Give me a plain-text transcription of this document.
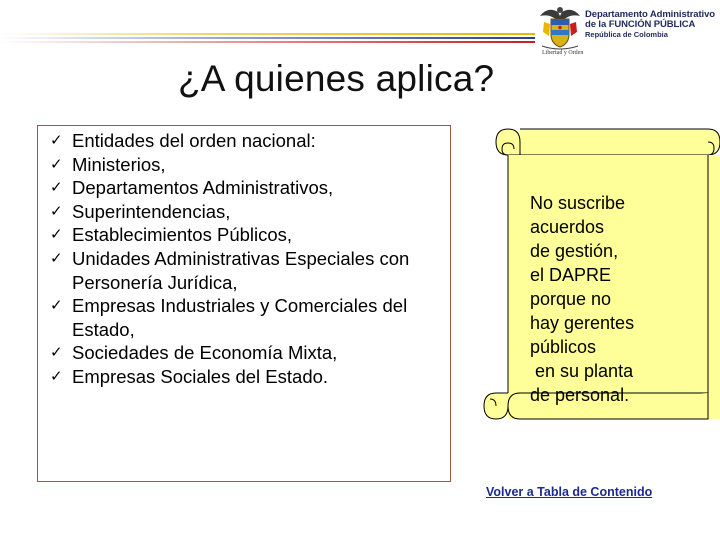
Libertad y Orden
Departamento Administrativo
de la FUNCIÓN PÚBLICA
República de Colombia
¿A quienes aplica?
✓ Entidades del orden nacional:
✓ Ministerios,
✓ Departamentos Administrativos,
✓ Superintendencias,
✓ Establecimientos Públicos,
✓ Unidades Administrativas Especiales con Personería Jurídica,
✓ Empresas Industriales y Comerciales del Estado,
✓ Sociedades de Economía Mixta,
✓ Empresas Sociales del Estado.
No suscribe
acuerdos
de gestión,
el DAPRE
porque no
hay gerentes
públicos
en su planta
de personal.
Volver a Tabla de Contenido
